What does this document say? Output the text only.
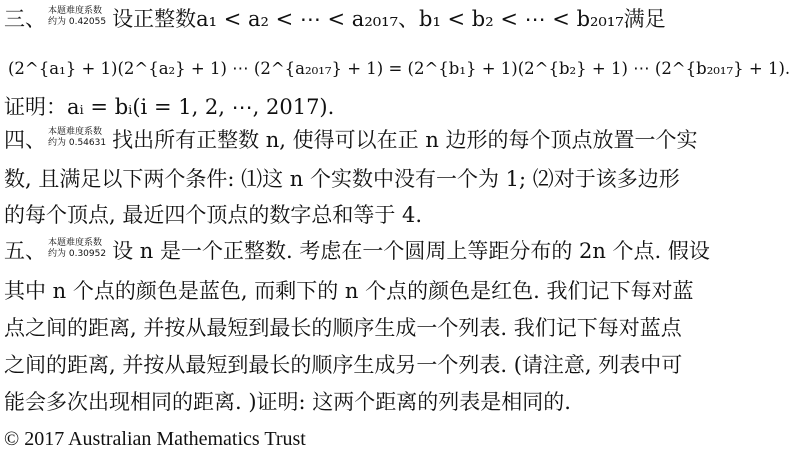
三、 本题难度系数
约为 0.42055 设正整数a₁ < a₂ < ⋯ < a₂₀₁₇、b₁ < b₂ < ⋯ < b₂₀₁₇满足
(2^{a₁} + 1)(2^{a₂} + 1) ⋯ (2^{a₂₀₁₇} + 1) = (2^{b₁} + 1)(2^{b₂} + 1) ⋯ (2^{b₂₀₁₇} + 1).
证明：aᵢ = bᵢ(i = 1, 2, ⋯, 2017).
四、 本题难度系数
约为 0.54631 找出所有正整数 n, 使得可以在正 n 边形的每个顶点放置一个实
数, 且满足以下两个条件: ⑴这 n 个实数中没有一个为 1; ⑵对于该多边形
的每个顶点, 最近四个顶点的数字总和等于 4.
五、 本题难度系数
约为 0.30952 设 n 是一个正整数. 考虑在一个圆周上等距分布的 2n 个点. 假设
其中 n 个点的颜色是蓝色, 而剩下的 n 个点的颜色是红色. 我们记下每对蓝
点之间的距离, 并按从最短到最长的顺序生成一个列表. 我们记下每对蓝点
之间的距离, 并按从最短到最长的顺序生成另一个列表. (请注意, 列表中可
能会多次出现相同的距离. )证明: 这两个距离的列表是相同的.
© 2017 Australian Mathematics Trust
